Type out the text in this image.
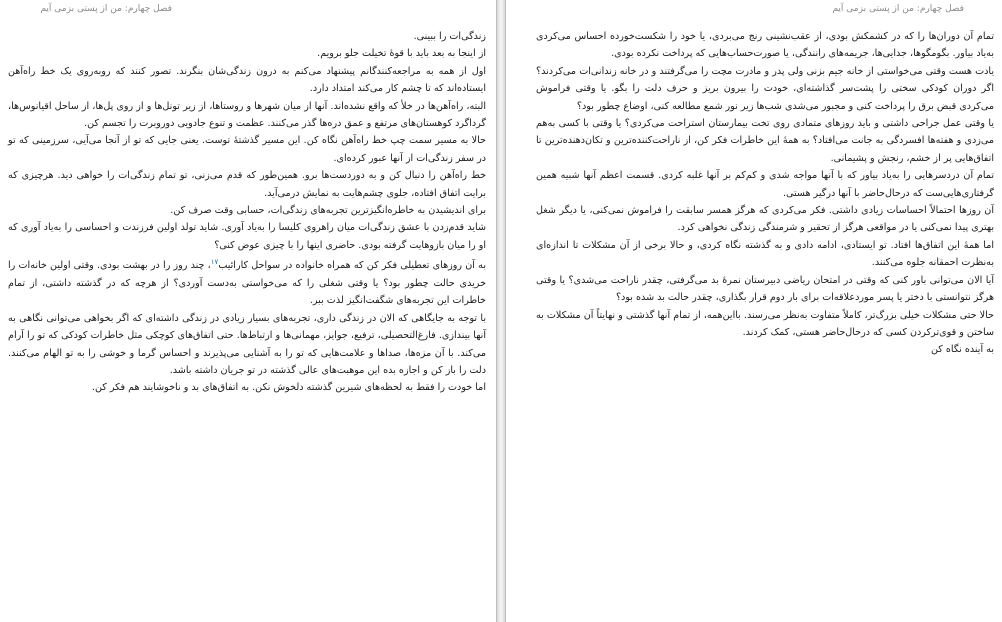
فصل چهارم: من از پستی بزمی آیم

زندگی‌ات را ببینی.

از اینجا به بعد باید با قوهٔ تخیلت جلو برویم.

اول از همه به مراجعه‌کنندگانم پیشنهاد می‌کنم به درون زندگی‌شان بنگرند. تصور کنند که روبه‌روی یک خط راه‌آهن ایستاده‌اند که تا چشم کار می‌کند امتداد دارد.

البته، راه‌آهن‌ها در خلأ که واقع نشده‌اند. آنها از میان شهرها و روستاها، از زیر تونل‌ها و از روی پل‌ها، از ساحل اقیانوس‌ها، گرداگرد کوهستان‌های مرتفع و عمق دره‌ها گذر می‌کنند. عظمت و تنوع جادویی دوروبرت را تجسم کن.

حالا به مسیر سمت چپ خط راه‌آهن نگاه کن. این مسیر گذشتهٔ توست. یعنی جایی که تو از آنجا می‌آیی، سرزمینی که تو در سفر زندگی‌ات از آنها عبور کرده‌ای.

خط راه‌آهن را دنبال کن و به دوردست‌ها برو. همین‌طور که قدم می‌زنی، تو تمام زندگی‌ات را خواهی دید. هرچیزی که برایت اتفاق افتاده، جلوی چشم‌هایت به نمایش درمی‌آید.

برای اندیشیدن به خاطره‌انگیزترین تجربه‌های زندگی‌ات، حسابی وقت صرف کن.

شاید قدم‌زدن با عشق زندگی‌ات میان راهروی کلیسا را به‌یاد آوری. شاید تولد اولین فرزندت و احساسی را به‌یاد آوری که او را میان بازوهایت گرفته بودی. حاضری اینها را با چیزی عوض کنی؟

به آن روزهای تعطیلی فکر کن که همراه خانواده در سواحل کارائیب$^{۱۷}$، چند روز را در بهشت بودی. وقتی اولین خانه‌ات را خریدی حالت چطور بود؟ یا وقتی شغلی را که می‌خواستی به‌دست آوردی؟ از هرچه که در گذشته داشتی، از تمام خاطرات این تجربه‌های شگفت‌انگیز لذت ببر.

با توجه به جایگاهی که الان در زندگی داری، تجربه‌های بسیار زیادی در زندگی داشته‌ای که اگر بخواهی می‌توانی نگاهی به آنها بیندازی. فارغ‌التحصیلی، ترفیع، جوایز، مهمانی‌ها و ارتباط‌ها. حتی اتفاق‌های کوچکی مثل خاطرات کودکی که تو را آرام می‌کند. با آن مزه‌ها، صداها و علامت‌هایی که تو را به آشنایی می‌پذیرند و احساس گرما و خوشی را به تو الهام می‌کنند. دلت را باز کن و اجازه بده این موهبت‌های عالی گذشته در تو جریان داشته باشد.

اما خودت را فقط به لحظه‌های شیرین گذشته دلخوش نکن. به اتفاق‌های بد و ناخوشایند هم فکر کن.

فصل چهارم: من از پستی بزمی آیم

تمام آن دوران‌ها را که در کشمکش بودی، از عقب‌نشینی رنج می‌بردی، یا خود را شکست‌خورده احساس می‌کردی به‌یاد بیاور. بگومگوها، جدایی‌ها، جریمه‌های رانندگی، یا صورت‌حساب‌هایی که پرداخت نکرده بودی.

یادت هست وقتی می‌خواستی از خانه جیم بزنی ولی پدر و مادرت مچت را می‌گرفتند و در خانه زندانی‌ات می‌کردند؟ اگر دوران کودکی سختی را پشت‌سر گذاشته‌ای، خودت را بیرون بریز و حرف دلت را بگو. یا وقتی فراموش می‌کردی قبض برق را پرداخت کنی و مجبور می‌شدی شب‌ها زیر نور شمع مطالعه کنی، اوضاع چطور بود؟

یا وقتی عمل جراحی داشتی و باید روزهای متمادی روی تخت بیمارستان استراحت می‌کردی؟ یا وقتی با کسی به‌هم می‌زدی و هفته‌ها افسردگی به جانت می‌افتاد؟ به همهٔ این خاطرات فکر کن، از ناراحت‌کننده‌ترین و تکان‌دهنده‌ترین تا اتفاق‌هایی پر از خشم، رنجش و پشیمانی.

تمام آن دردسرهایی را به‌یاد بیاور که با آنها مواجه شدی و کم‌کم بر آنها غلبه کردی. قسمت اعظم آنها شبیه همین گرفتاری‌هایی‌ست که درحال‌حاضر با آنها درگیر هستی.

آن روزها احتمالاً احساسات زیادی داشتی. فکر می‌کردی که هرگز همسر سابقت را فراموش نمی‌کنی، یا دیگر شغل بهتری پیدا نمی‌کنی یا در مواقعی هرگز از تحقیر و شرمندگی زندگی نخواهی کرد.

اما همهٔ این اتفاق‌ها افتاد. تو ایستادی، ادامه دادی و به گذشته نگاه کردی، و حالا برخی از آن مشکلات تا اندازه‌ای به‌نظرت احمقانه جلوه می‌کنند.

آیا الان می‌توانی باور کنی که وقتی در امتحان ریاضی دبیرستان نمرهٔ بد می‌گرفتی، چقدر ناراحت می‌شدی؟ یا وقتی هرگز نتوانستی با دختر یا پسر موردعلاقه‌ات برای بار دوم قرار بگذاری، چقدر حالت بد شده بود؟

حالا حتی مشکلات خیلی بزرگ‌تر، کاملاً متفاوت به‌نظر می‌رسند. بااین‌همه، از تمام آنها گذشتی و نهایتاً آن مشکلات به ساختن و قوی‌ترکردن کسی که درحال‌حاضر هستی، کمک کردند.

به آینده نگاه کن
